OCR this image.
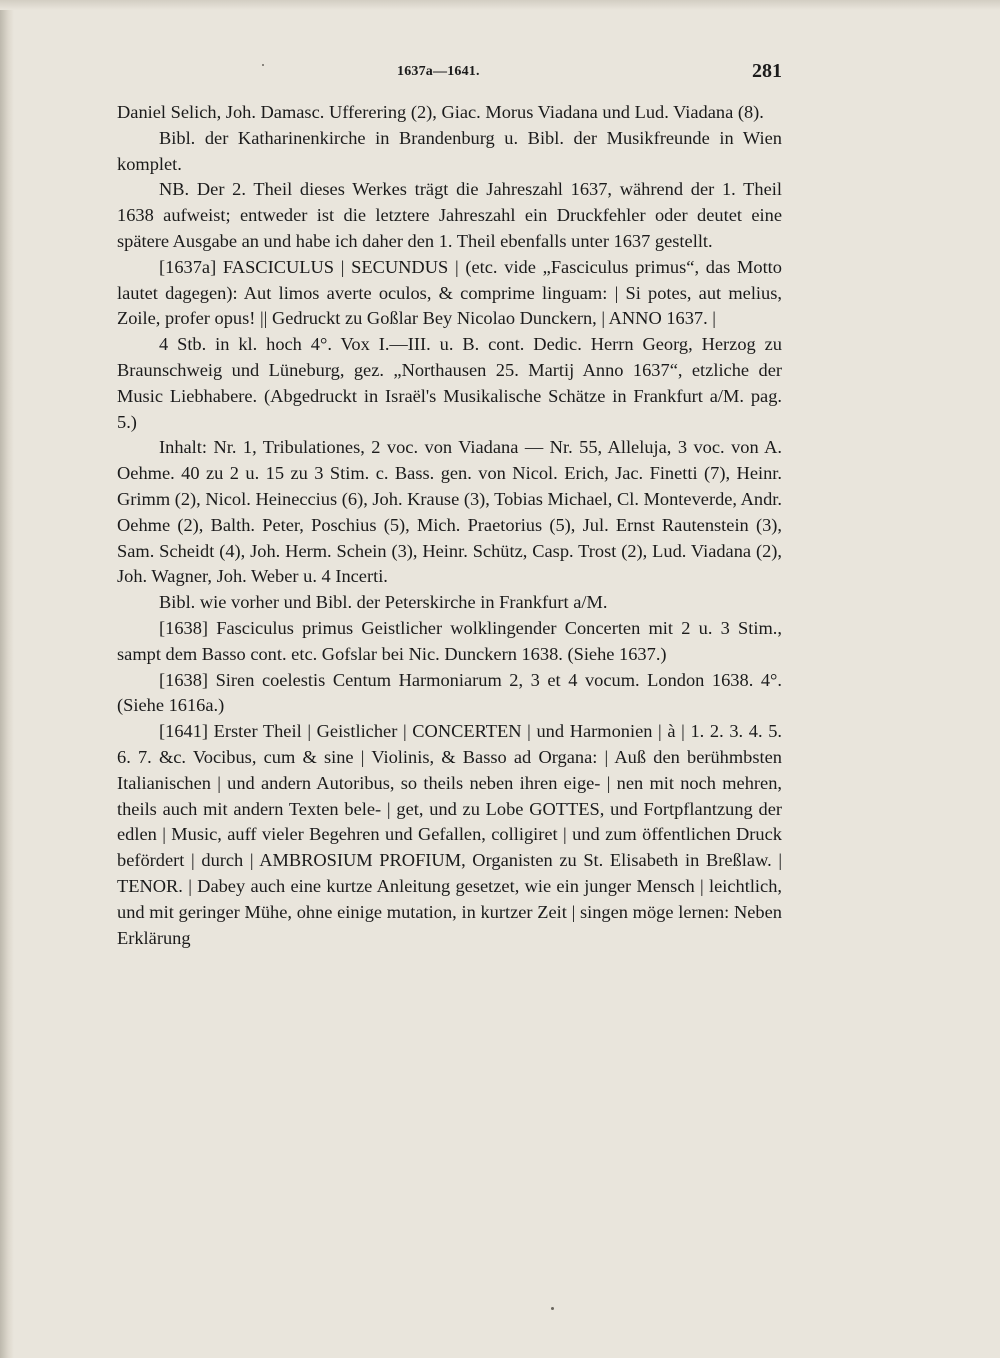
1637a—1641.	281

Daniel Selich, Joh. Damasc. Ufferering (2), Giac. Morus Viadana und Lud. Viadana (8).

Bibl. der Katharinenkirche in Brandenburg u. Bibl. der Musikfreunde in Wien komplet.

NB. Der 2. Theil dieses Werkes trägt die Jahreszahl 1637, während der 1. Theil 1638 aufweist; entweder ist die letztere Jahreszahl ein Druckfehler oder deutet eine spätere Ausgabe an und habe ich daher den 1. Theil ebenfalls unter 1637 gestellt.

[1637a] FASCICULUS | SECUNDUS | (etc. vide „Fasciculus primus“, das Motto lautet dagegen): Aut limos averte oculos, & comprime linguam: | Si potes, aut melius, Zoile, profer opus! || Gedruckt zu Goßlar Bey Nicolao Dunckern, | ANNO 1637. |

4 Stb. in kl. hoch 4°. Vox I.—III. u. B. cont. Dedic. Herrn Georg, Herzog zu Braunschweig und Lüneburg, gez. „Northausen 25. Martij Anno 1637“, etzliche der Music Liebhabere. (Abgedruckt in Israël's Musikalische Schätze in Frankfurt a/M. pag. 5.)

Inhalt: Nr. 1, Tribulationes, 2 voc. von Viadana — Nr. 55, Alleluja, 3 voc. von A. Oehme. 40 zu 2 u. 15 zu 3 Stim. c. Bass. gen. von Nicol. Erich, Jac. Finetti (7), Heinr. Grimm (2), Nicol. Heineccius (6), Joh. Krause (3), Tobias Michael, Cl. Monteverde, Andr. Oehme (2), Balth. Peter, Poschius (5), Mich. Praetorius (5), Jul. Ernst Rautenstein (3), Sam. Scheidt (4), Joh. Herm. Schein (3), Heinr. Schütz, Casp. Trost (2), Lud. Viadana (2), Joh. Wagner, Joh. Weber u. 4 Incerti.

Bibl. wie vorher und Bibl. der Peterskirche in Frankfurt a/M.

[1638] Fasciculus primus Geistlicher wolklingender Concerten mit 2 u. 3 Stim., sampt dem Basso cont. etc. Gofslar bei Nic. Dunckern 1638. (Siehe 1637.)

[1638] Siren coelestis Centum Harmoniarum 2, 3 et 4 vocum. London 1638. 4°. (Siehe 1616a.)

[1641] Erster Theil | Geistlicher | CONCERTEN | und Harmonien | à | 1. 2. 3. 4. 5. 6. 7. &c. Vocibus, cum & sine | Violinis, & Basso ad Organa: | Auß den berühmbsten Italianischen | und andern Autoribus, so theils neben ihren eige- | nen mit noch mehren, theils auch mit andern Texten bele- | get, und zu Lobe GOTTES, und Fortpflantzung der edlen | Music, auff vieler Begehren und Gefallen, colligiret | und zum öffentlichen Druck befördert | durch | AMBROSIUM PROFIUM, Organisten zu St. Elisabeth in Breßlaw. | TENOR. | Dabey auch eine kurtze Anleitung gesetzet, wie ein junger Mensch | leichtlich, und mit geringer Mühe, ohne einige mutation, in kurtzer Zeit | singen möge lernen: Neben Erklärung
